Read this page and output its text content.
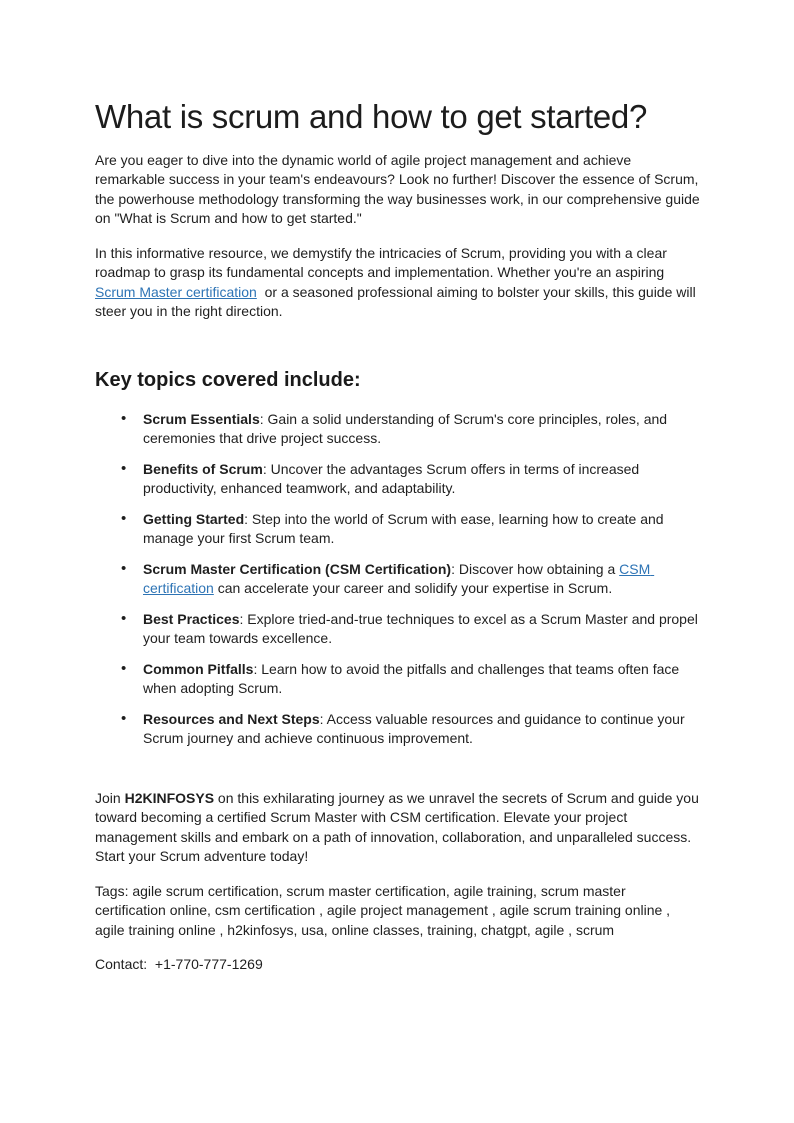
What is scrum and how to get started?

Are you eager to dive into the dynamic world of agile project management and achieve remarkable success in your team's endeavours? Look no further! Discover the essence of Scrum, the powerhouse methodology transforming the way businesses work, in our comprehensive guide on "What is Scrum and how to get started."

In this informative resource, we demystify the intricacies of Scrum, providing you with a clear roadmap to grasp its fundamental concepts and implementation. Whether you're an aspiring Scrum Master certification  or a seasoned professional aiming to bolster your skills, this guide will steer you in the right direction.

Key topics covered include:
• Scrum Essentials: Gain a solid understanding of Scrum's core principles, roles, and ceremonies that drive project success.
• Benefits of Scrum: Uncover the advantages Scrum offers in terms of increased productivity, enhanced teamwork, and adaptability.
• Getting Started: Step into the world of Scrum with ease, learning how to create and manage your first Scrum team.
• Scrum Master Certification (CSM Certification): Discover how obtaining a CSM certification can accelerate your career and solidify your expertise in Scrum.
• Best Practices: Explore tried-and-true techniques to excel as a Scrum Master and propel your team towards excellence.
• Common Pitfalls: Learn how to avoid the pitfalls and challenges that teams often face when adopting Scrum.
• Resources and Next Steps: Access valuable resources and guidance to continue your Scrum journey and achieve continuous improvement.

Join H2KINFOSYS on this exhilarating journey as we unravel the secrets of Scrum and guide you toward becoming a certified Scrum Master with CSM certification. Elevate your project management skills and embark on a path of innovation, collaboration, and unparalleled success. Start your Scrum adventure today!

Tags: agile scrum certification, scrum master certification, agile training, scrum master certification online, csm certification , agile project management , agile scrum training online , agile training online , h2kinfosys, usa, online classes, training, chatgpt, agile , scrum

Contact:  +1-770-777-1269
